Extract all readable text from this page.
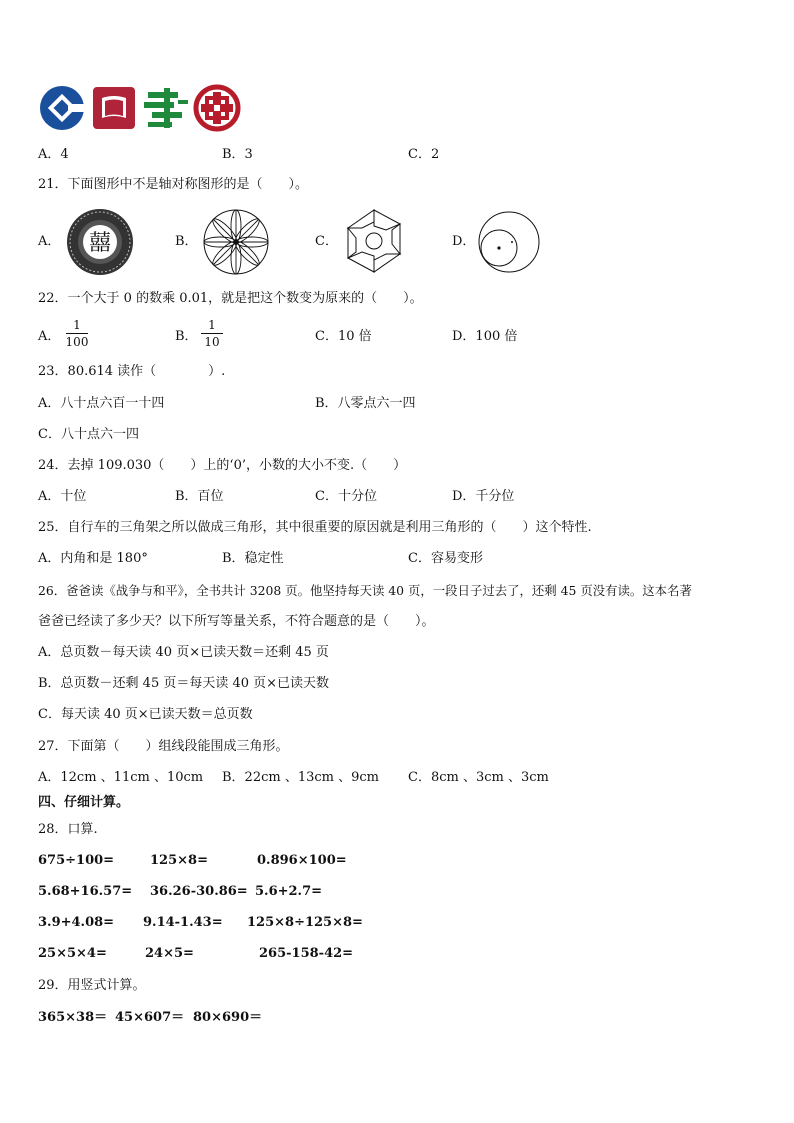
A．4	B．3	C．2
21．下面图形中不是轴对称图形的是（　　）。
A． 囍	B．	C．	D．
22．一个大于 0 的数乘 0.01，就是把这个数变为原来的（　　）。
A．
1
100	B．
1
10	C．10 倍	D．100 倍
23．80.614 读作（　　　　）.
A．八十点六百一十四	B．八零点六一四
C．八十点六一四
24．去掉 109.030（　　）上的‘0’，小数的大小不变.（　　）
A．十位	B．百位	C．十分位	D．千分位
25．自行车的三角架之所以做成三角形，其中很重要的原因就是利用三角形的（　　）这个特性.
A．内角和是 180°	B．稳定性	C．容易变形
26．爸爸读《战争与和平》，全书共计 3208 页。他坚持每天读 40 页，一段日子过去了，还剩 45 页没有读。这本名著
爸爸已经读了多少天？以下所写等量关系，不符合题意的是（　　）。
A．总页数－每天读 40 页×已读天数＝还剩 45 页
B．总页数－还剩 45 页＝每天读 40 页×已读天数
C．每天读 40 页×已读天数＝总页数
27．下面第（　　）组线段能围成三角形。
A．12cm 、11cm 、10cm B．22cm 、13cm 、9cm C．8cm 、3cm 、3cm
四、仔细计算。
28．口算.
675÷100=	125×8=	0.896×100=
5.68+16.57= 36.26-30.86= 5.6+2.7=
3.9+4.08= 9.14-1.43= 125×8÷125×8=
25×5×4=	24×5=	265-158-42=
29．用竖式计算。
365×38＝ 45×607＝ 80×690＝
